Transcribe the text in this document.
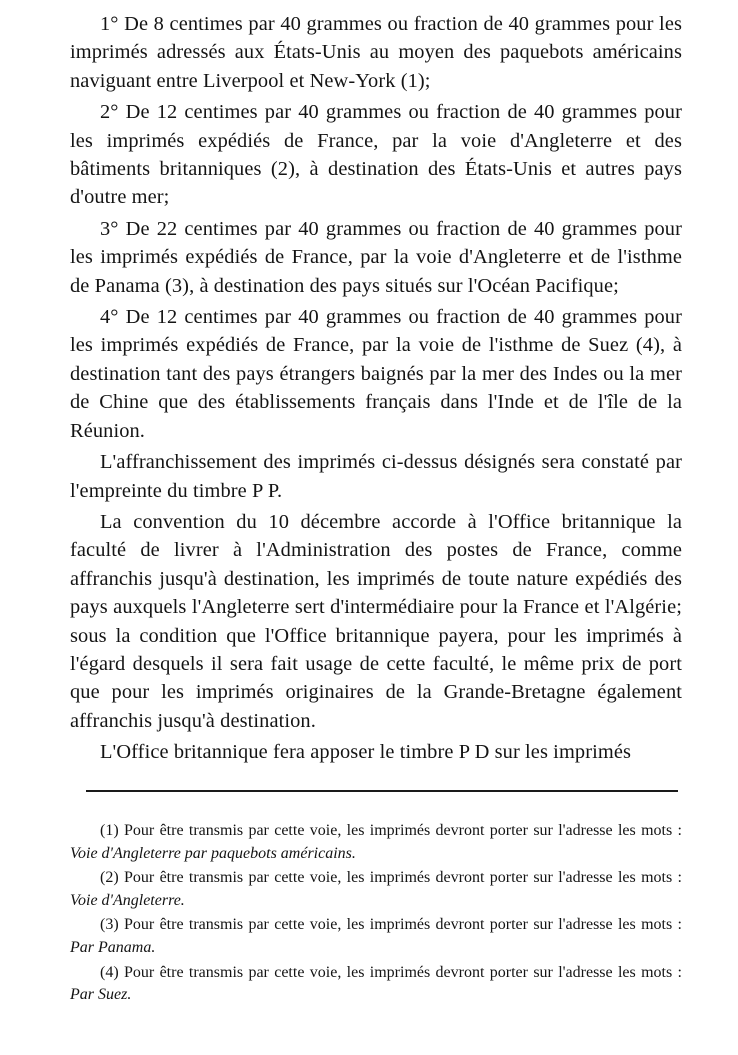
1° De 8 centimes par 40 grammes ou fraction de 40 grammes pour les imprimés adressés aux États-Unis au moyen des paquebots américains naviguant entre Liverpool et New-York (1);

2° De 12 centimes par 40 grammes ou fraction de 40 grammes pour les imprimés expédiés de France, par la voie d'Angleterre et des bâtiments britanniques (2), à destination des États-Unis et autres pays d'outre mer;

3° De 22 centimes par 40 grammes ou fraction de 40 grammes pour les imprimés expédiés de France, par la voie d'Angleterre et de l'isthme de Panama (3), à destination des pays situés sur l'Océan Pacifique;

4° De 12 centimes par 40 grammes ou fraction de 40 grammes pour les imprimés expédiés de France, par la voie de l'isthme de Suez (4), à destination tant des pays étrangers baignés par la mer des Indes ou la mer de Chine que des établissements français dans l'Inde et de l'île de la Réunion.

L'affranchissement des imprimés ci-dessus désignés sera constaté par l'empreinte du timbre P P.

La convention du 10 décembre accorde à l'Office britannique la faculté de livrer à l'Administration des postes de France, comme affranchis jusqu'à destination, les imprimés de toute nature expédiés des pays auxquels l'Angleterre sert d'intermédiaire pour la France et l'Algérie; sous la condition que l'Office britannique payera, pour les imprimés à l'égard desquels il sera fait usage de cette faculté, le même prix de port que pour les imprimés originaires de la Grande-Bretagne également affranchis jusqu'à destination.

L'Office britannique fera apposer le timbre P D sur les imprimés

(1) Pour être transmis par cette voie, les imprimés devront porter sur l'adresse les mots : Voie d'Angleterre par paquebots américains.

(2) Pour être transmis par cette voie, les imprimés devront porter sur l'adresse les mots : Voie d'Angleterre.

(3) Pour être transmis par cette voie, les imprimés devront porter sur l'adresse les mots : Par Panama.

(4) Pour être transmis par cette voie, les imprimés devront porter sur l'adresse les mots : Par Suez.
